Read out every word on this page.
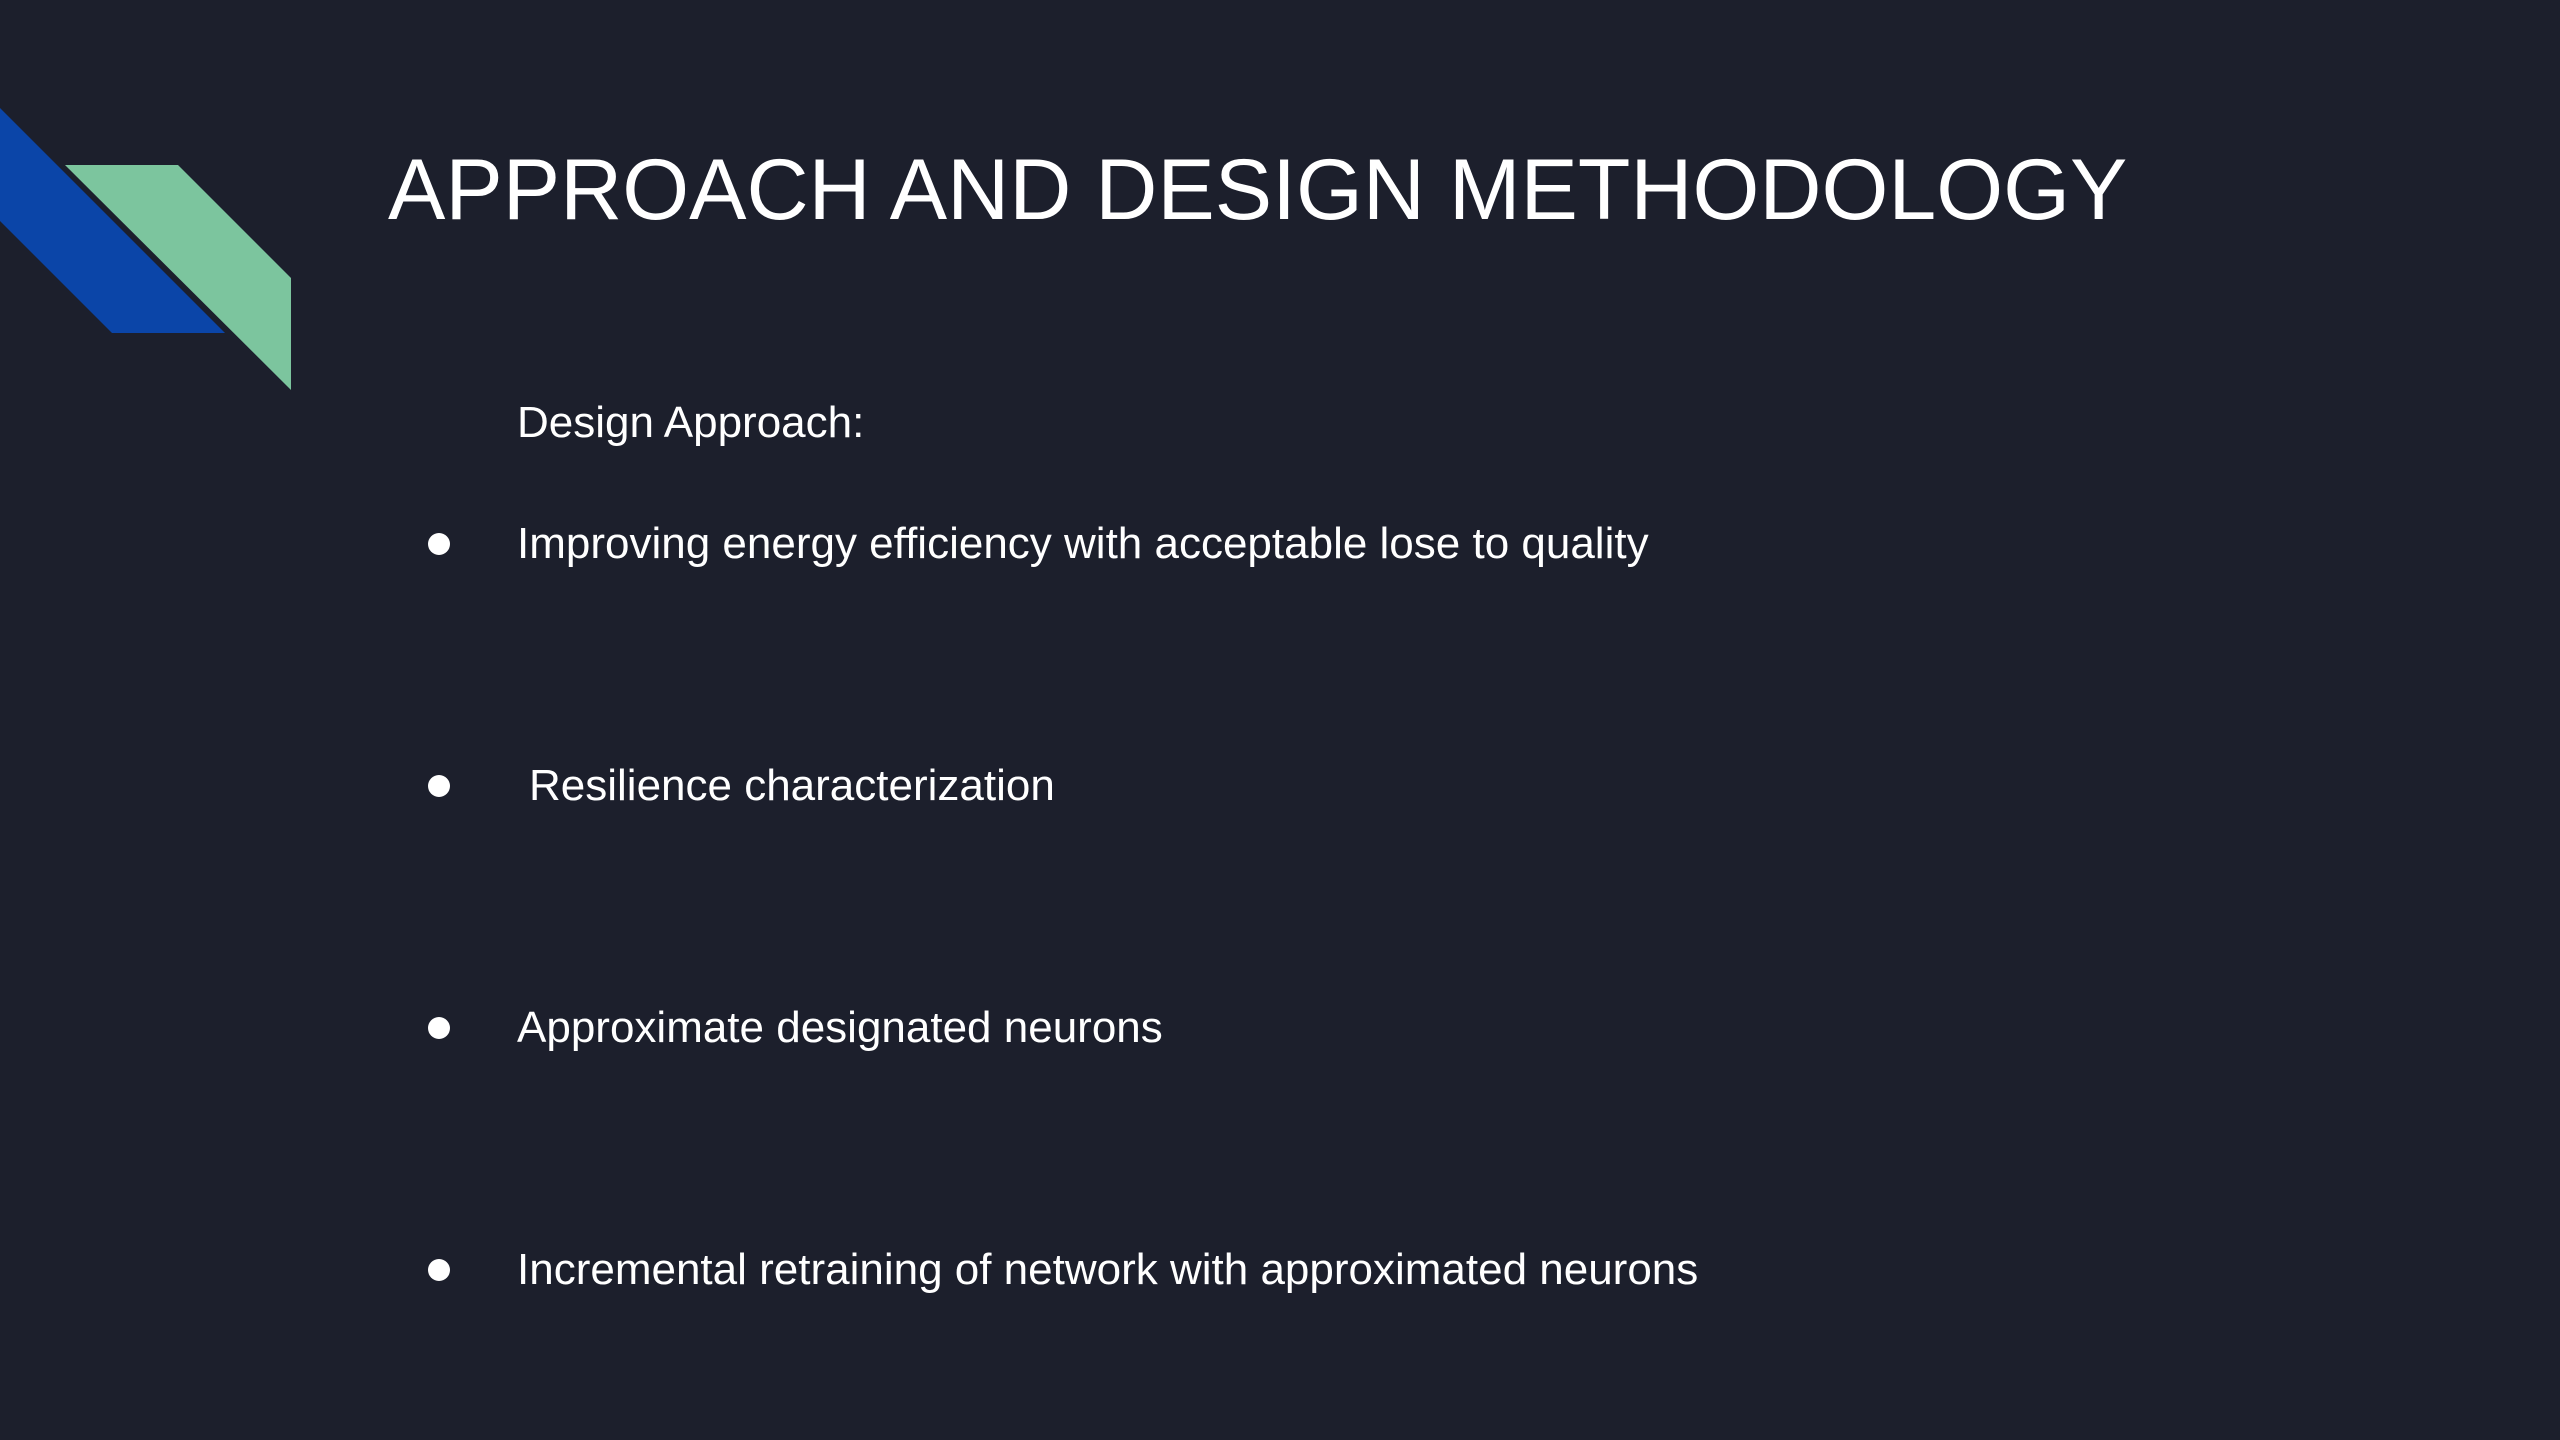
APPROACH AND DESIGN METHODOLOGY
Design Approach:
Improving energy efficiency with acceptable lose to quality
Resilience characterization
Approximate designated neurons
Incremental retraining of network with approximated neurons
